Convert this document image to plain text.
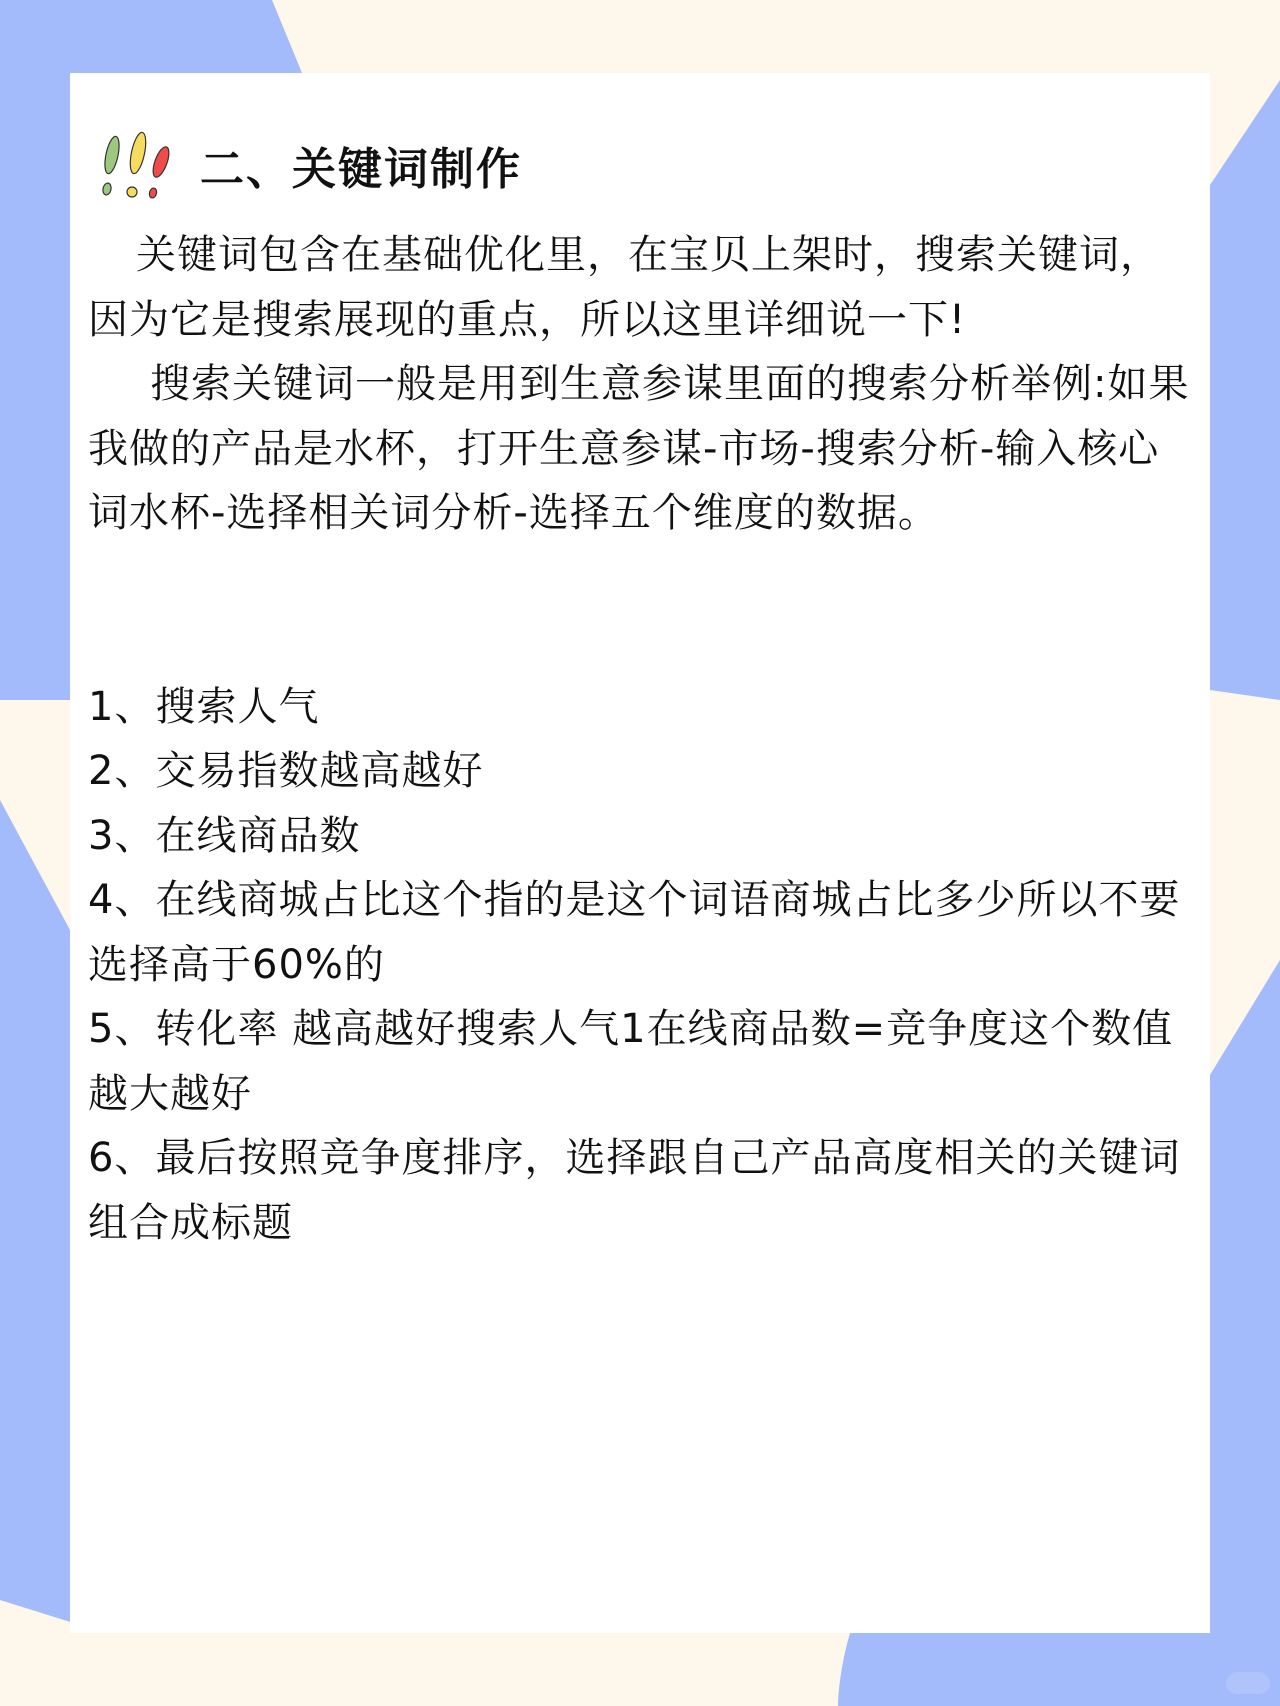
二、关键词制作

关键词包含在基础优化里，在宝贝上架时，搜索关键词，因为它是搜索展现的重点，所以这里详细说一下!

搜索关键词一般是用到生意参谋里面的搜索分析举例:如果我做的产品是水杯，打开生意参谋-市场-搜索分析-输入核心词水杯-选择相关词分析-选择五个维度的数据。

1、搜索人气

2、交易指数越高越好

3、在线商品数

4、在线商城占比这个指的是这个词语商城占比多少所以不要选择高于60%的

5、转化率 越高越好搜索人气1在线商品数=竞争度这个数值越大越好

6、最后按照竞争度排序，选择跟自己产品高度相关的关键词组合成标题
